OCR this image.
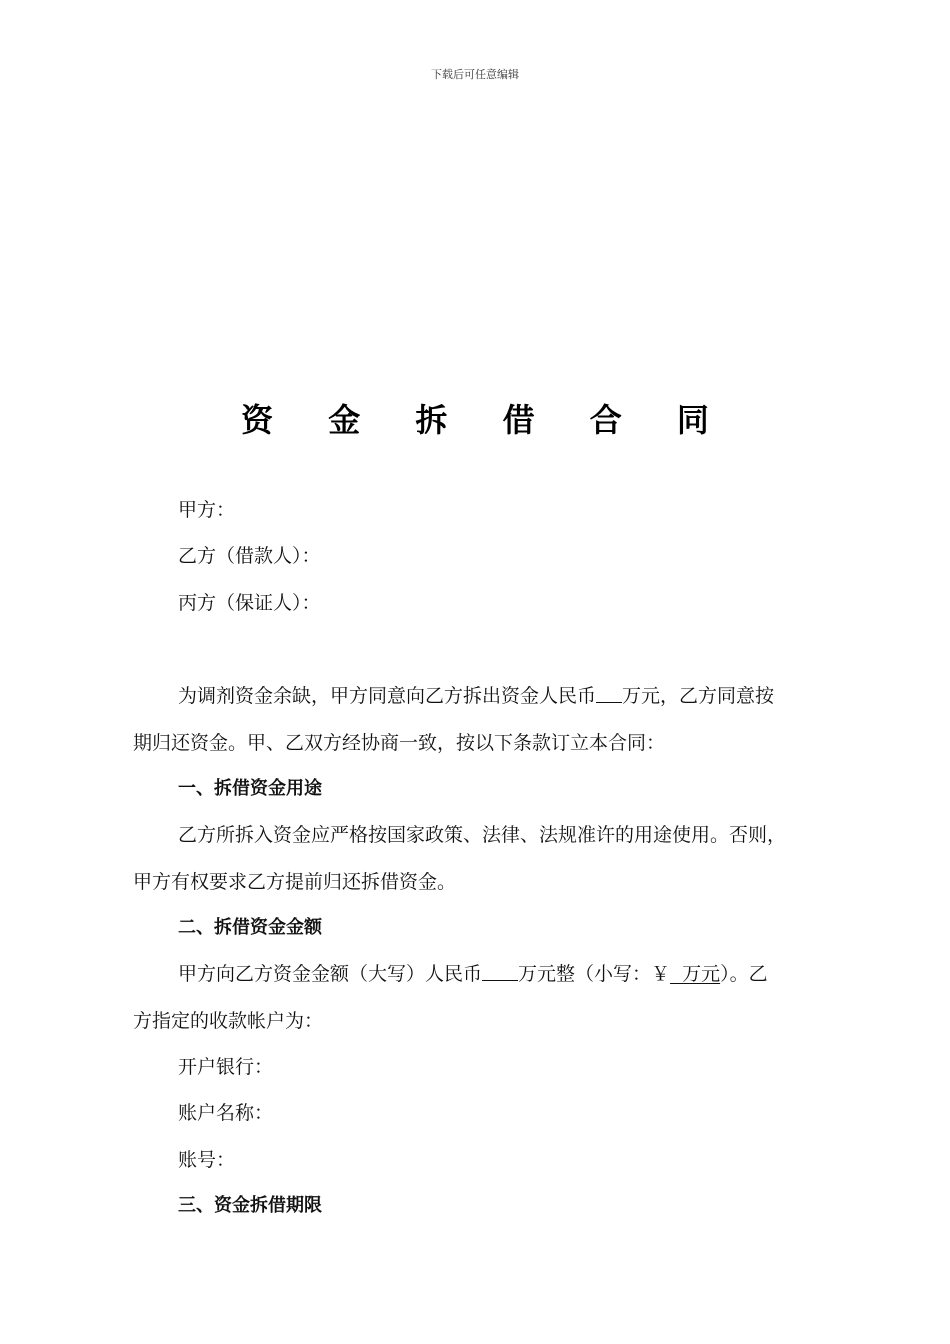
下载后可任意编辑
资 金 拆 借 合 同
甲方：
乙方（借款人）：
丙方（保证人）：
为调剂资金余缺，甲方同意向乙方拆出资金人民币 万元，乙方同意按
期归还资金。甲、乙双方经协商一致，按以下条款订立本合同：
一、拆借资金用途
乙方所拆入资金应严格按国家政策、法律、法规准许的用途使用。否则，
甲方有权要求乙方提前归还拆借资金。
二、拆借资金金额
甲方向乙方资金金额（大写）人民币 万元整（小写：￥  万元）。乙
方指定的收款帐户为：
开户银行：
账户名称：
账号：
三、资金拆借期限
